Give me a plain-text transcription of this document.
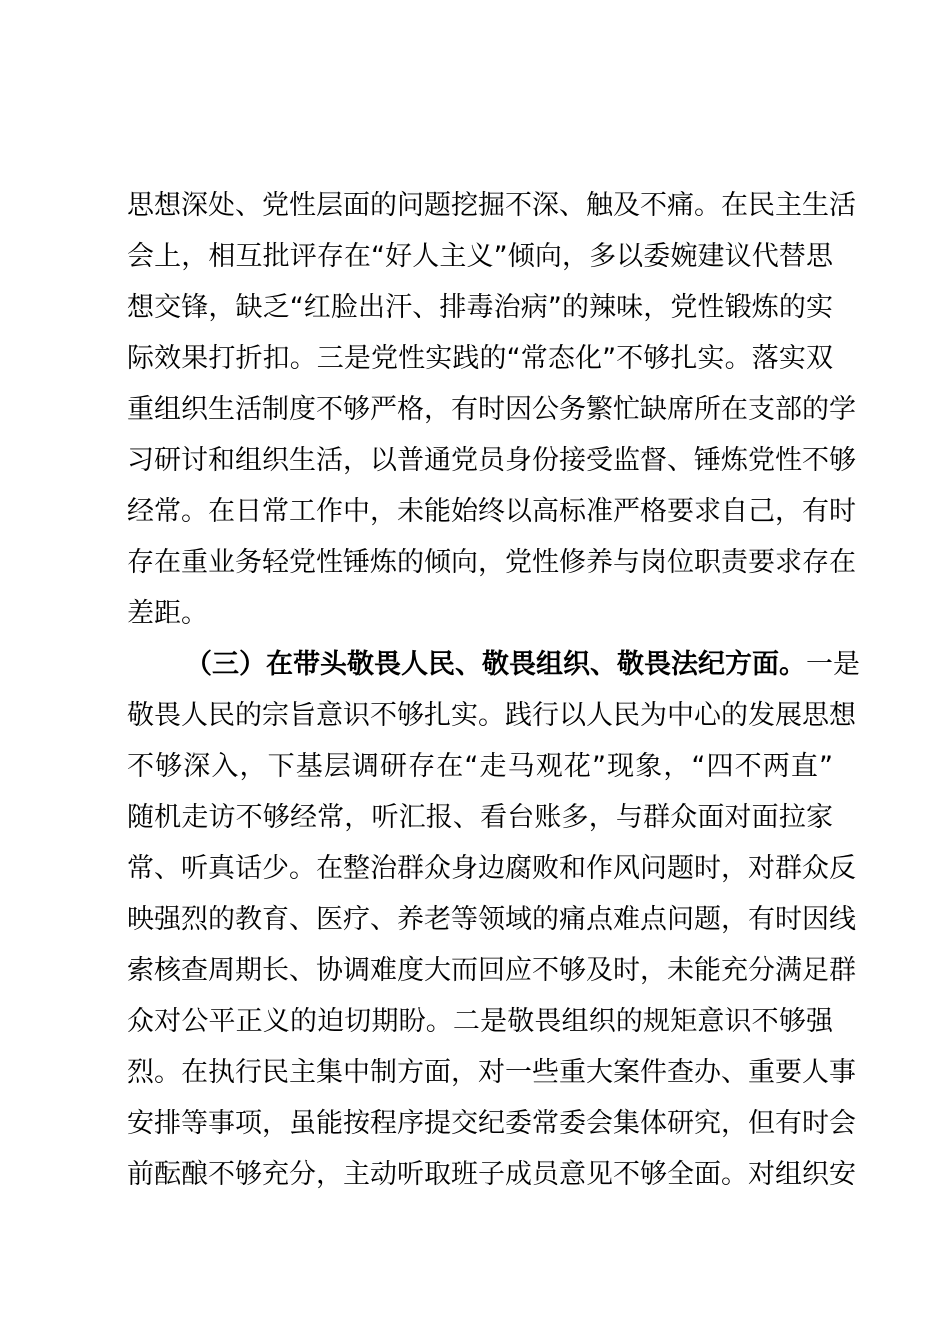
思想深处、党性层面的问题挖掘不深、触及不痛。在民主生活
会上，相互批评存在“好人主义”倾向，多以委婉建议代替思
想交锋，缺乏“红脸出汗、排毒治病”的辣味，党性锻炼的实
际效果打折扣。三是党性实践的“常态化”不够扎实。落实双
重组织生活制度不够严格，有时因公务繁忙缺席所在支部的学
习研讨和组织生活，以普通党员身份接受监督、锤炼党性不够
经常。在日常工作中，未能始终以高标准严格要求自己，有时
存在重业务轻党性锤炼的倾向，党性修养与岗位职责要求存在
差距。
（三）在带头敬畏人民、敬畏组织、敬畏法纪方面。一是
敬畏人民的宗旨意识不够扎实。践行以人民为中心的发展思想
不够深入，下基层调研存在“走马观花”现象，“四不两直”
随机走访不够经常，听汇报、看台账多，与群众面对面拉家
常、听真话少。在整治群众身边腐败和作风问题时，对群众反
映强烈的教育、医疗、养老等领域的痛点难点问题，有时因线
索核查周期长、协调难度大而回应不够及时，未能充分满足群
众对公平正义的迫切期盼。二是敬畏组织的规矩意识不够强
烈。在执行民主集中制方面，对一些重大案件查办、重要人事
安排等事项，虽能按程序提交纪委常委会集体研究，但有时会
前酝酿不够充分，主动听取班子成员意见不够全面。对组织安
